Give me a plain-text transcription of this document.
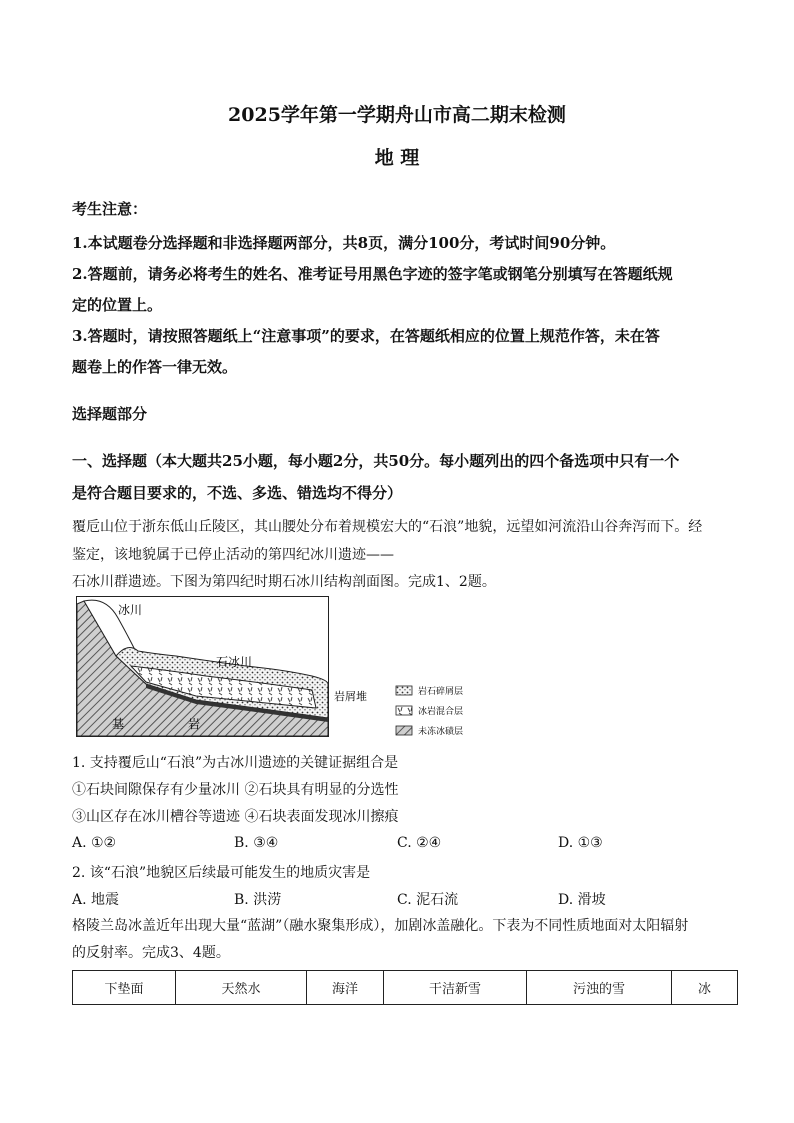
2025学年第一学期舟山市高二期末检测
地 理
考生注意：
1.本试题卷分选择题和非选择题两部分，共8页，满分100分，考试时间90分钟。
2.答题前，请务必将考生的姓名、准考证号用黑色字迹的签字笔或钢笔分别填写在答题纸规
定的位置上。
3.答题时，请按照答题纸上“注意事项”的要求，在答题纸相应的位置上规范作答，未在答
题卷上的作答一律无效。
选择题部分
一、选择题（本大题共25小题，每小题2分，共50分。每小题列出的四个备选项中只有一个
是符合题目要求的，不选、多选、错选均不得分）
覆卮山位于浙东低山丘陵区，其山腰处分布着规模宏大的“石浪”地貌，远望如河流沿山谷奔泻而下。经
鉴定，该地貌属于已停止活动的第四纪冰川遗迹——
石冰川群遗迹。下图为第四纪时期石冰川结构剖面图。完成1、2题。
冰川
石冰川
岩屑堆
基	岩
岩石碎屑层
冰岩混合层
未冻冰碛层
1. 支持覆卮山“石浪”为古冰川遗迹的关键证据组合是
①石块间隙保存有少量冰川 ②石块具有明显的分选性
③山区存在冰川槽谷等遗迹 ④石块表面发现冰川擦痕
A. ①②	B. ③④	C. ②④	D. ①③
2. 该“石浪”地貌区后续最可能发生的地质灾害是
A. 地震	B. 洪涝	C. 泥石流	D. 滑坡
格陵兰岛冰盖近年出现大量“蓝湖”（融水聚集形成），加剧冰盖融化。下表为不同性质地面对太阳辐射
的反射率。完成3、4题。
下垫面	天然水	海洋	干洁新雪	污浊的雪	冰
